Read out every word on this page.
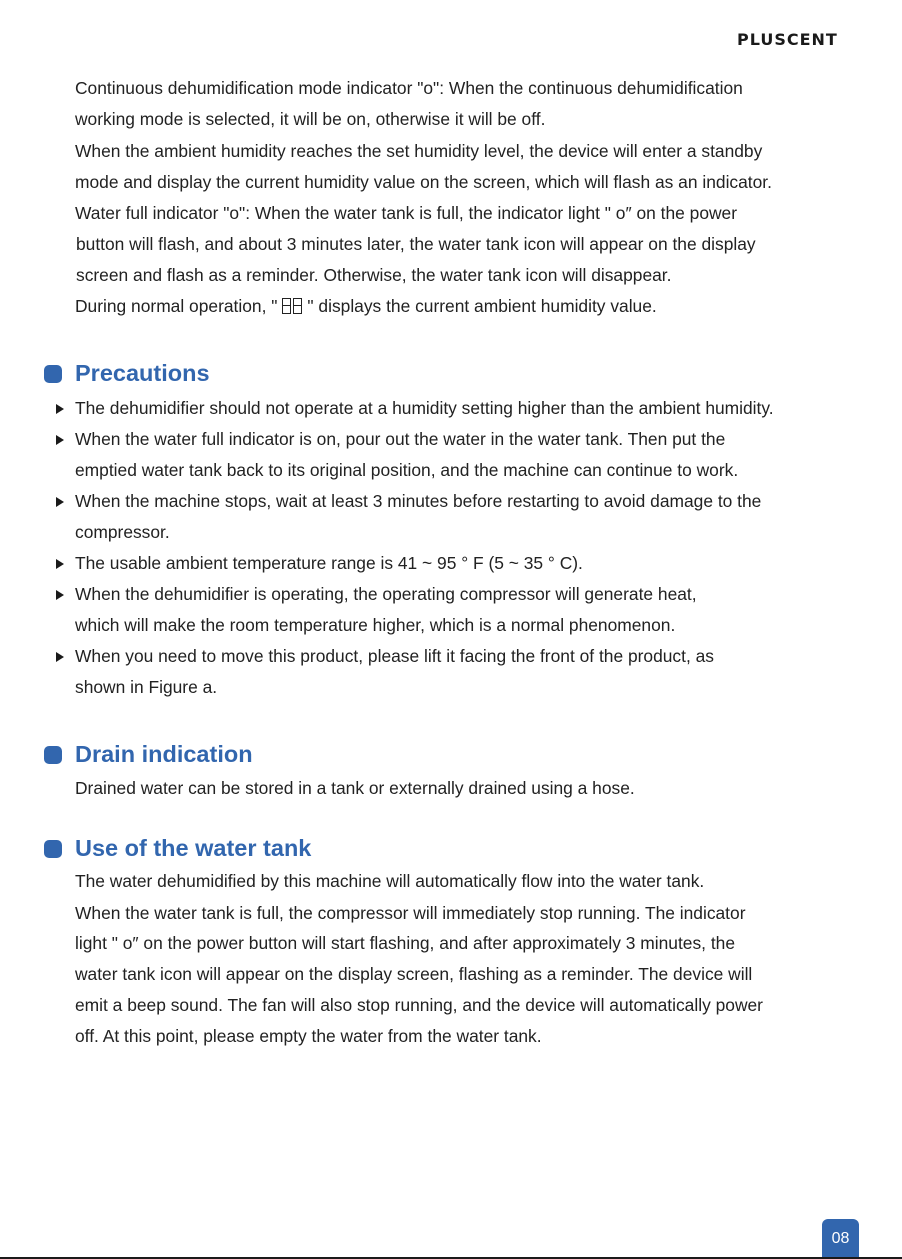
PLUSCENT
Continuous dehumidification mode indicator "o": When the continuous dehumidification
working mode is selected, it will be on, otherwise it will be off.
When the ambient humidity reaches the set humidity level, the device will enter a standby
mode and display the current humidity value on the screen, which will flash as an indicator.
Water full indicator "o": When the water tank is full, the indicator light " o″ on the power
button will flash, and about 3 minutes later, the water tank icon will appear on the display
screen and flash as a reminder. Otherwise, the water tank icon will disappear.
During normal operation, " " displays the current ambient humidity value.
Precautions
The dehumidifier should not operate at a humidity setting higher than the ambient humidity.
When the water full indicator is on, pour out the water in the water tank. Then put the
emptied water tank back to its original position, and the machine can continue to work.
When the machine stops, wait at least 3 minutes before restarting to avoid damage to the
compressor.
The usable ambient temperature range is 41 ~ 95 ° F (5 ~ 35 ° C).
When the dehumidifier is operating, the operating compressor will generate heat,
which will make the room temperature higher, which is a normal phenomenon.
When you need to move this product, please lift it facing the front of the product, as
shown in Figure a.
Drain indication
Drained water can be stored in a tank or externally drained using a hose.
Use of the water tank
The water dehumidified by this machine will automatically flow into the water tank.
When the water tank is full, the compressor will immediately stop running. The indicator
light " o″ on the power button will start flashing, and after approximately 3 minutes, the
water tank icon will appear on the display screen, flashing as a reminder. The device will
emit a beep sound. The fan will also stop running, and the device will automatically power
off. At this point, please empty the water from the water tank.
08
